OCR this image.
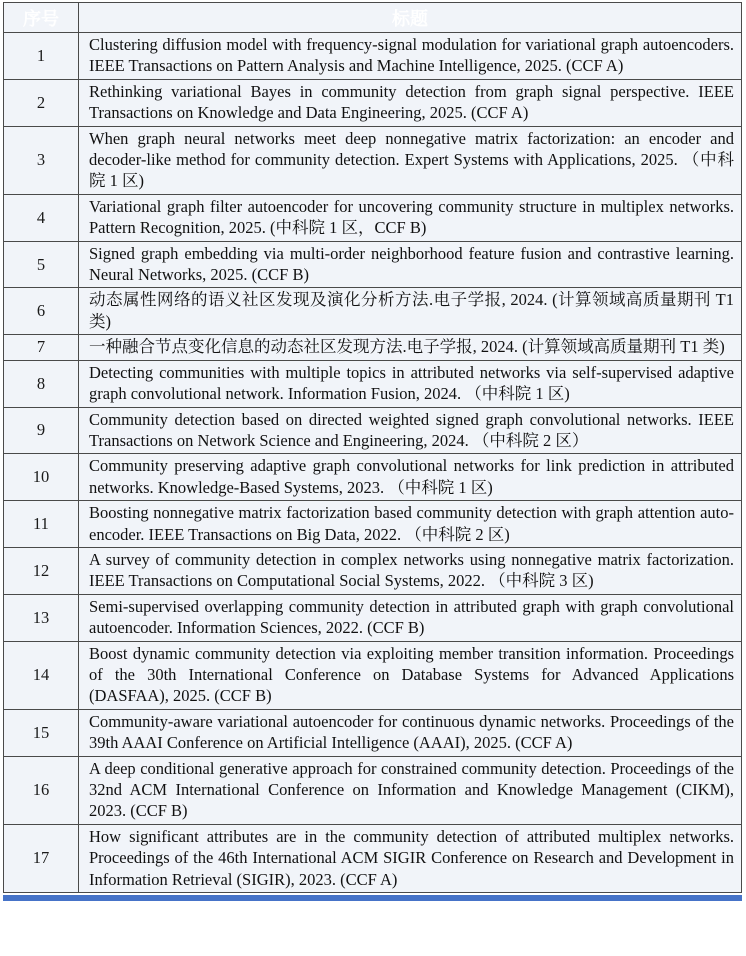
序号	标题
1	Clustering diffusion model with frequency-signal modulation for variational graph autoencoders. IEEE Transactions on Pattern Analysis and Machine Intelligence, 2025. (CCF A)
2	Rethinking variational Bayes in community detection from graph signal perspective. IEEE Transactions on Knowledge and Data Engineering, 2025. (CCF A)
3	When graph neural networks meet deep nonnegative matrix factorization: an encoder and decoder-like method for community detection. Expert Systems with Applications, 2025. （中科院 1 区)
4	Variational graph filter autoencoder for uncovering community structure in multiplex networks. Pattern Recognition, 2025. (中科院 1 区，CCF B)
5	Signed graph embedding via multi-order neighborhood feature fusion and contrastive learning. Neural Networks, 2025. (CCF B)
6	动态属性网络的语义社区发现及演化分析方法.电子学报, 2024. (计算领域高质量期刊 T1 类)
7	一种融合节点变化信息的动态社区发现方法.电子学报, 2024. (计算领域高质量期刊 T1 类)
8	Detecting communities with multiple topics in attributed networks via self-supervised adaptive graph convolutional network. Information Fusion, 2024. （中科院 1 区)
9	Community detection based on directed weighted signed graph convolutional networks. IEEE Transactions on Network Science and Engineering, 2024. （中科院 2 区）
10	Community preserving adaptive graph convolutional networks for link prediction in attributed networks. Knowledge-Based Systems, 2023. （中科院 1 区)
11	Boosting nonnegative matrix factorization based community detection with graph attention auto-encoder. IEEE Transactions on Big Data, 2022. （中科院 2 区)
12	A survey of community detection in complex networks using nonnegative matrix factorization. IEEE Transactions on Computational Social Systems, 2022. （中科院 3 区)
13	Semi-supervised overlapping community detection in attributed graph with graph convolutional autoencoder. Information Sciences, 2022. (CCF B)
14	Boost dynamic community detection via exploiting member transition information. Proceedings of the 30th International Conference on Database Systems for Advanced Applications (DASFAA), 2025. (CCF B)
15	Community-aware variational autoencoder for continuous dynamic networks. Proceedings of the 39th AAAI Conference on Artificial Intelligence (AAAI), 2025. (CCF A)
16	A deep conditional generative approach for constrained community detection. Proceedings of the 32nd ACM International Conference on Information and Knowledge Management (CIKM), 2023. (CCF B)
17	How significant attributes are in the community detection of attributed multiplex networks. Proceedings of the 46th International ACM SIGIR Conference on Research and Development in Information Retrieval (SIGIR), 2023. (CCF A)
